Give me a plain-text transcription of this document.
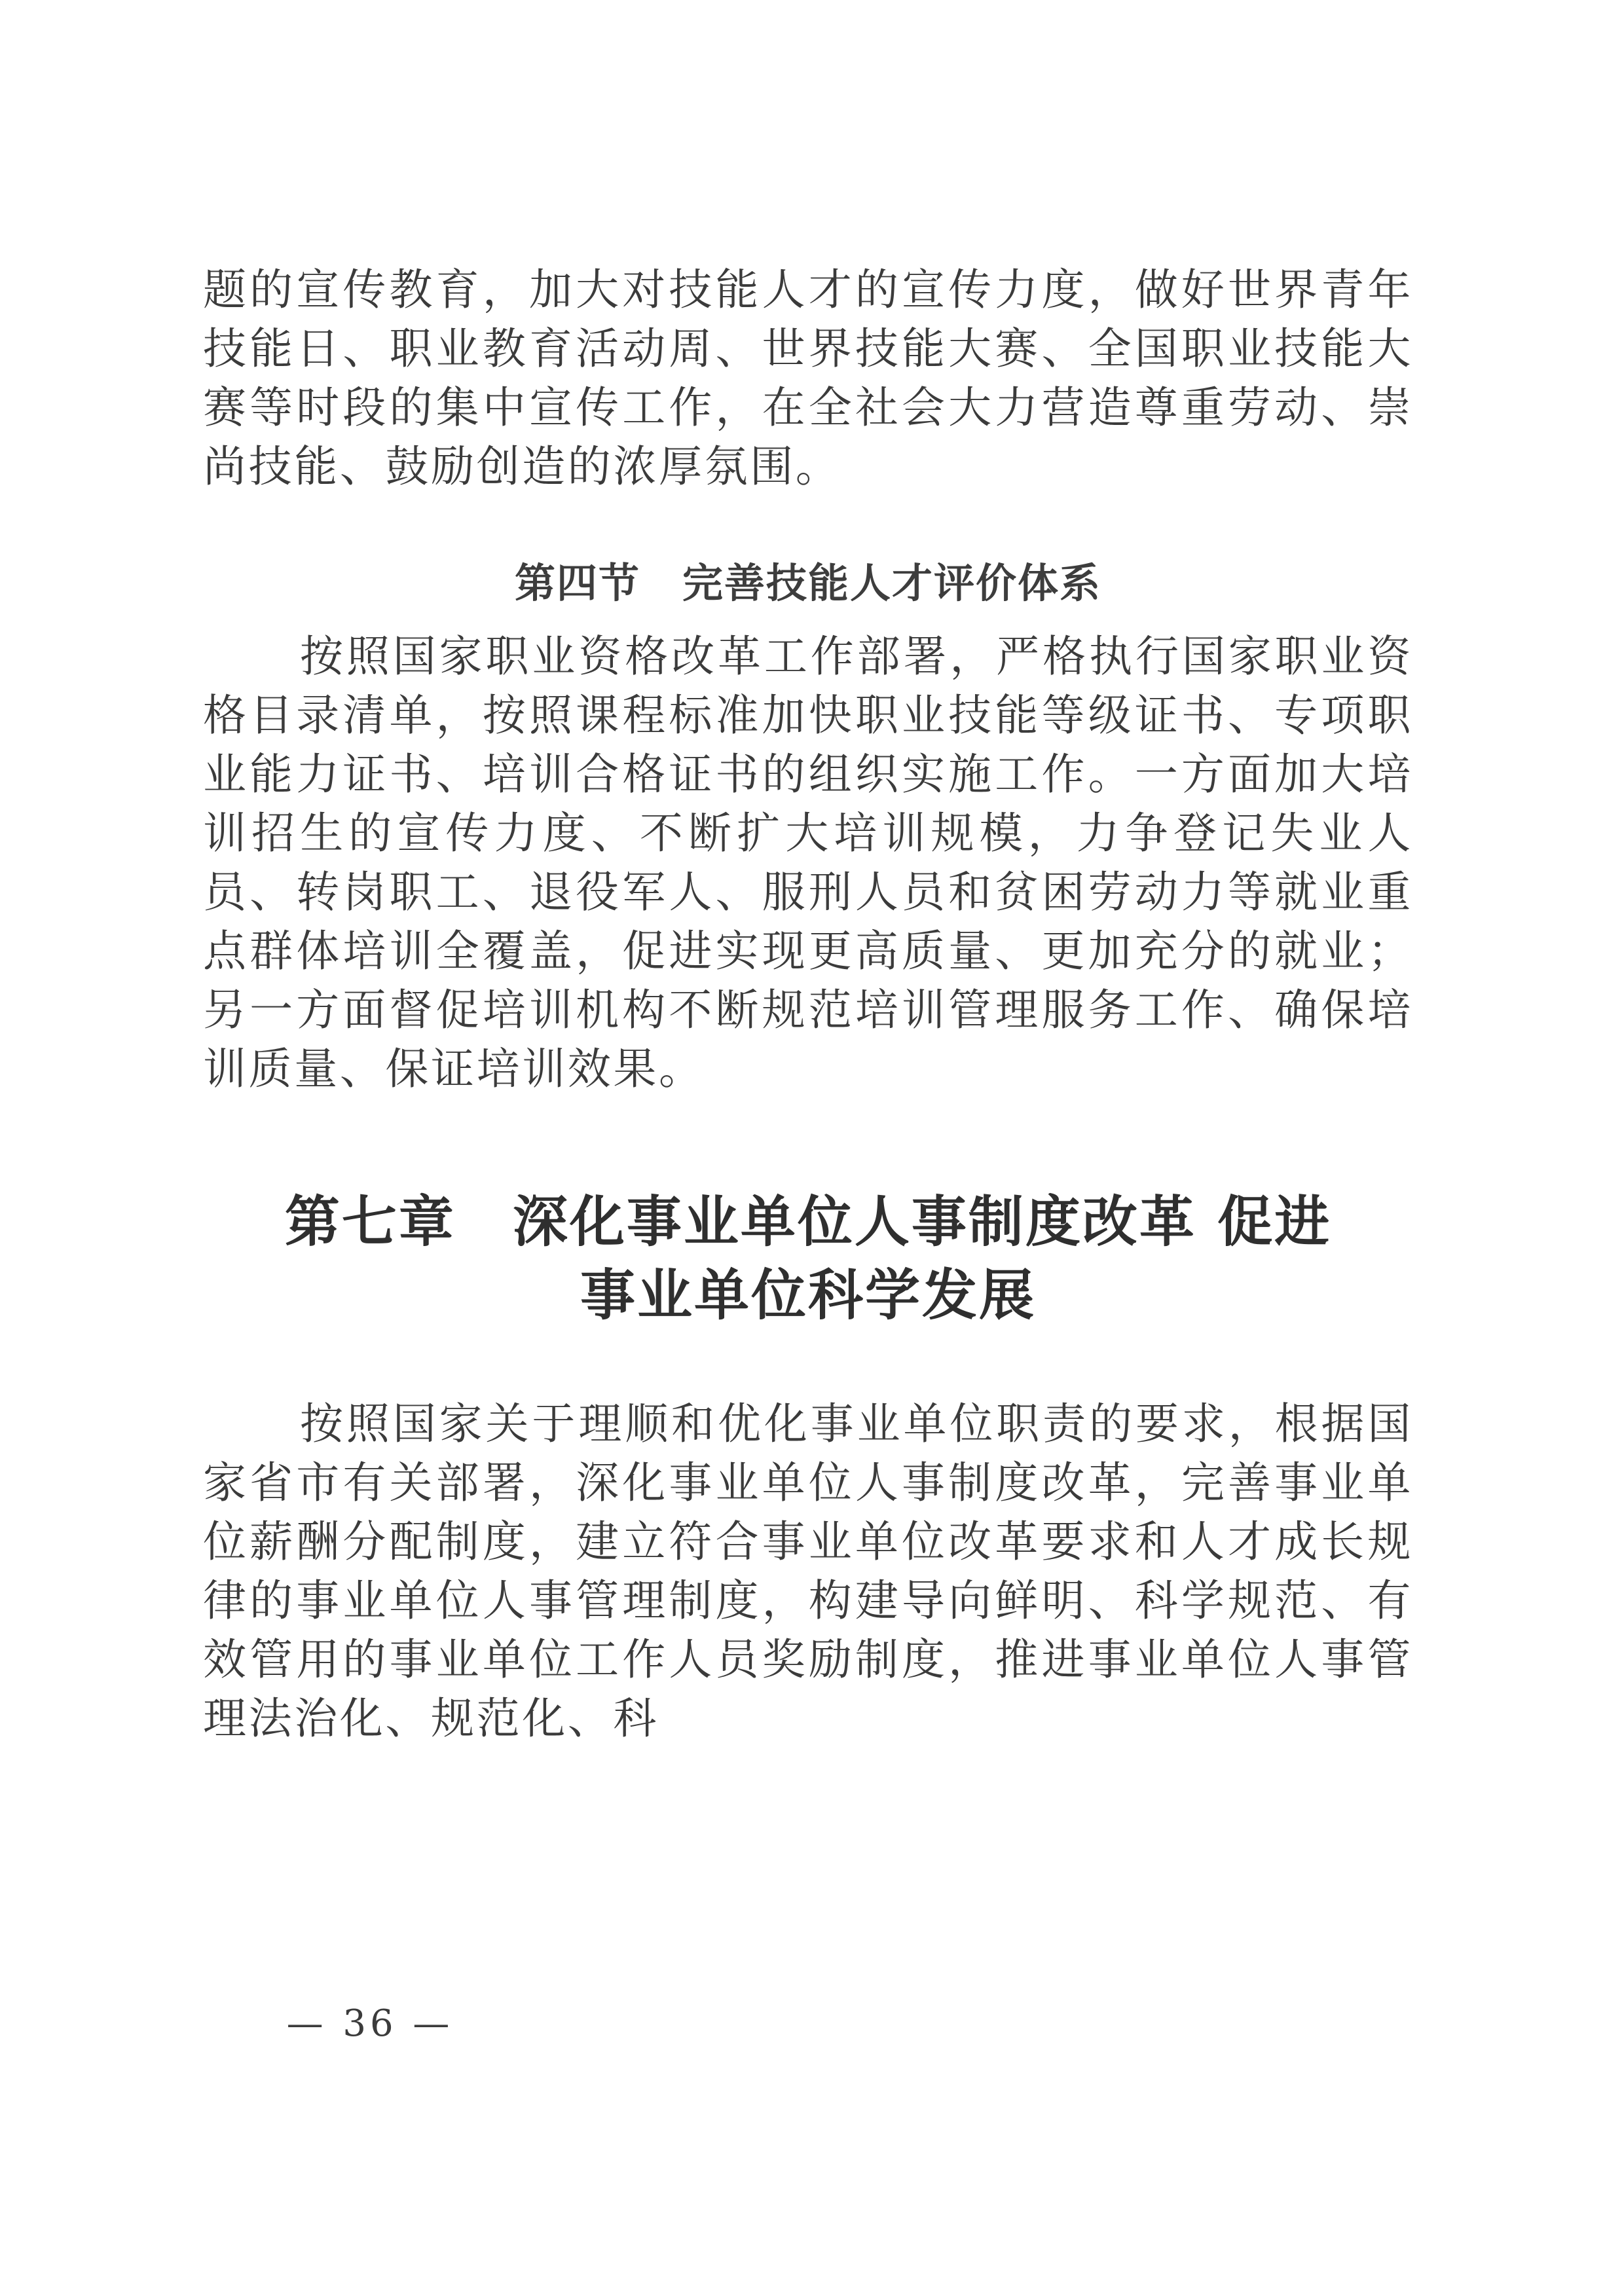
题的宣传教育，加大对技能人才的宣传力度，做好世界青年技能日、职业教育活动周、世界技能大赛、全国职业技能大赛等时段的集中宣传工作，在全社会大力营造尊重劳动、崇尚技能、鼓励创造的浓厚氛围。

第四节　完善技能人才评价体系

按照国家职业资格改革工作部署，严格执行国家职业资格目录清单，按照课程标准加快职业技能等级证书、专项职业能力证书、培训合格证书的组织实施工作。一方面加大培训招生的宣传力度、不断扩大培训规模，力争登记失业人员、转岗职工、退役军人、服刑人员和贫困劳动力等就业重点群体培训全覆盖，促进实现更高质量、更加充分的就业；另一方面督促培训机构不断规范培训管理服务工作、确保培训质量、保证培训效果。

第七章　深化事业单位人事制度改革 促进
事业单位科学发展

按照国家关于理顺和优化事业单位职责的要求，根据国家省市有关部署，深化事业单位人事制度改革，完善事业单位薪酬分配制度，建立符合事业单位改革要求和人才成长规律的事业单位人事管理制度，构建导向鲜明、科学规范、有效管用的事业单位工作人员奖励制度，推进事业单位人事管理法治化、规范化、科

— 36 —
